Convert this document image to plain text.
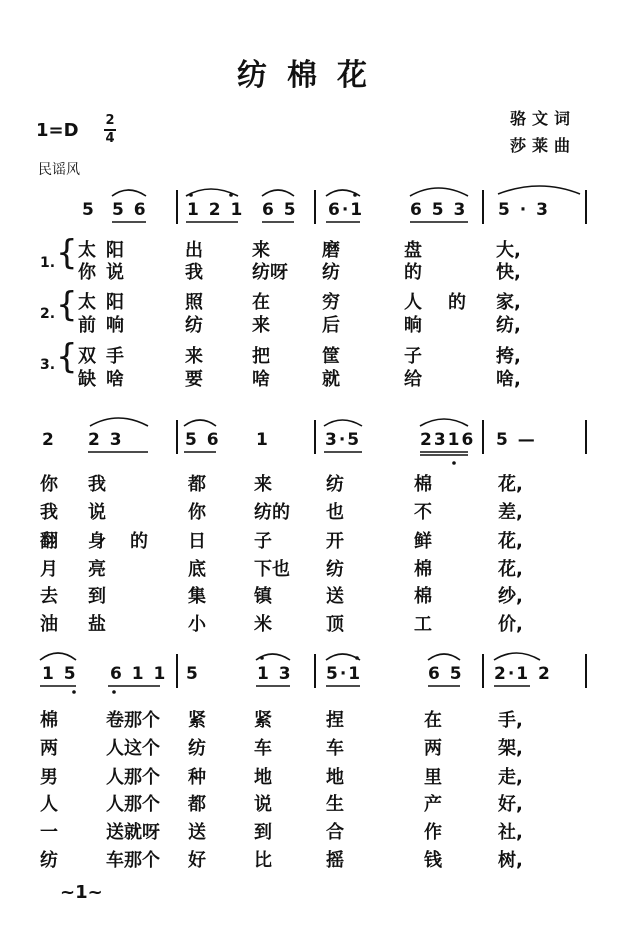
纺棉花
骆文词
莎莱曲
1=D 2
4
民谣风
5 5 6 1 2 1 6 5 6·1	6 5 3 5 · 3
1. {
2. {
3. {
太 阳	出	来	磨	盘	大,
你 说	我	纺呀 纺	的	快,
太 阳	照	在	穷	人 的 家,
前 响	纺	来	后	晌	纺,
双 手	来	把	筐	子	挎,
缺 啥	要	啥	就	给	啥,
2 2 3	5 6 1	3·5	2316 5 —
你 我	都	来	纺	棉	花,
我 说	你	纺的 也	不	差,
翻 身 的 日	子	开	鲜	花,
月 亮	底	下也 纺	棉	花,
去 到	集	镇	送	棉	纱,
油 盐	小	米	顶	工	价,
1 5 6 1 1 5	1 3 5·1	6 5 2·1 2
棉	卷那个 紧	紧	捏	在	手,
两	人这个 纺	车	车	两	架,
男	人那个 种	地	地	里	走,
人	人那个 都	说	生	产	好,
一	送就呀 送	到	合	作	社,
纺	车那个 好	比	摇	钱	树,
~1~
